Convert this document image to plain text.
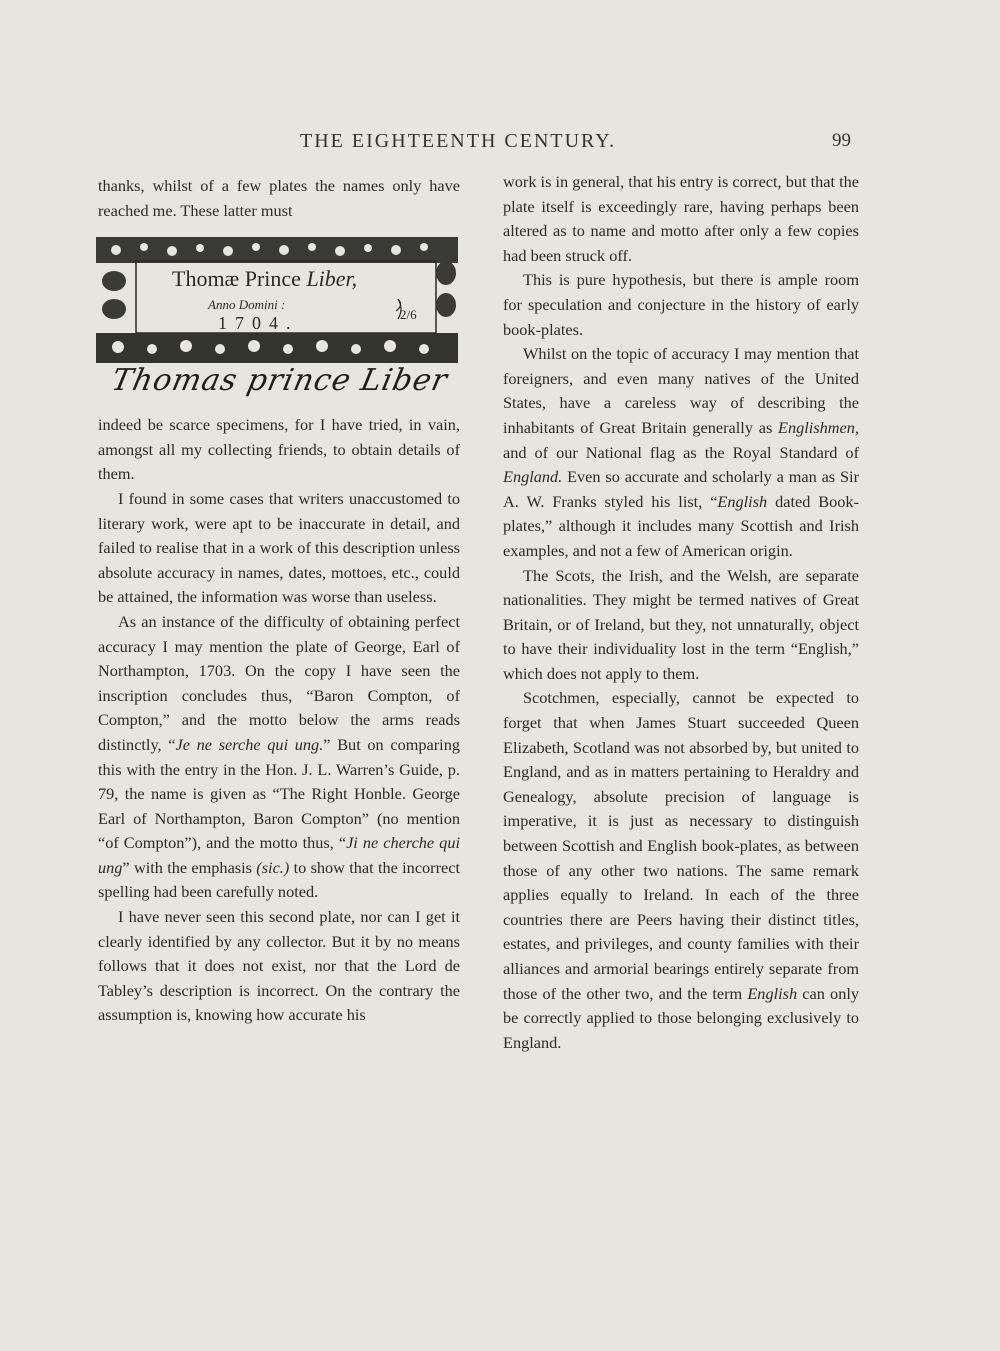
THE EIGHTEENTH CENTURY.	99

thanks, whilst of a few plates the names only have reached me. These latter must

Thomæ Prince Liber,
Anno Domini :
1704.	2/6
Thomas prince Liber

indeed be scarce specimens, for I have tried, in vain, amongst all my collecting friends, to obtain details of them.

I found in some cases that writers unaccustomed to literary work, were apt to be inaccurate in detail, and failed to realise that in a work of this description unless absolute accuracy in names, dates, mottoes, etc., could be attained, the information was worse than useless.

As an instance of the difficulty of obtaining perfect accuracy I may mention the plate of George, Earl of Northampton, 1703. On the copy I have seen the inscription concludes thus, “Baron Compton, of Compton,” and the motto below the arms reads distinctly, “Je ne serche qui ung.” But on comparing this with the entry in the Hon. J. L. Warren’s Guide, p. 79, the name is given as “The Right Honble. George Earl of Northampton, Baron Compton” (no mention “of Compton”), and the motto thus, “Ji ne cherche qui ung” with the emphasis (sic.) to show that the incorrect spelling had been carefully noted.

I have never seen this second plate, nor can I get it clearly identified by any collector. But it by no means follows that it does not exist, nor that the Lord de Tabley’s description is incorrect. On the contrary the assumption is, knowing how accurate his

work is in general, that his entry is correct, but that the plate itself is exceedingly rare, having perhaps been altered as to name and motto after only a few copies had been struck off.

This is pure hypothesis, but there is ample room for speculation and conjecture in the history of early book-plates.

Whilst on the topic of accuracy I may mention that foreigners, and even many natives of the United States, have a careless way of describing the inhabitants of Great Britain generally as Englishmen, and of our National flag as the Royal Standard of England. Even so accurate and scholarly a man as Sir A. W. Franks styled his list, “English dated Book-plates,” although it includes many Scottish and Irish examples, and not a few of American origin.

The Scots, the Irish, and the Welsh, are separate nationalities. They might be termed natives of Great Britain, or of Ireland, but they, not unnaturally, object to have their individuality lost in the term “English,” which does not apply to them.

Scotchmen, especially, cannot be expected to forget that when James Stuart succeeded Queen Elizabeth, Scotland was not absorbed by, but united to England, and as in matters pertaining to Heraldry and Genealogy, absolute precision of language is imperative, it is just as necessary to distinguish between Scottish and English book-plates, as between those of any other two nations. The same remark applies equally to Ireland. In each of the three countries there are Peers having their distinct titles, estates, and privileges, and county families with their alliances and armorial bearings entirely separate from those of the other two, and the term English can only be correctly applied to those belonging exclusively to England.
